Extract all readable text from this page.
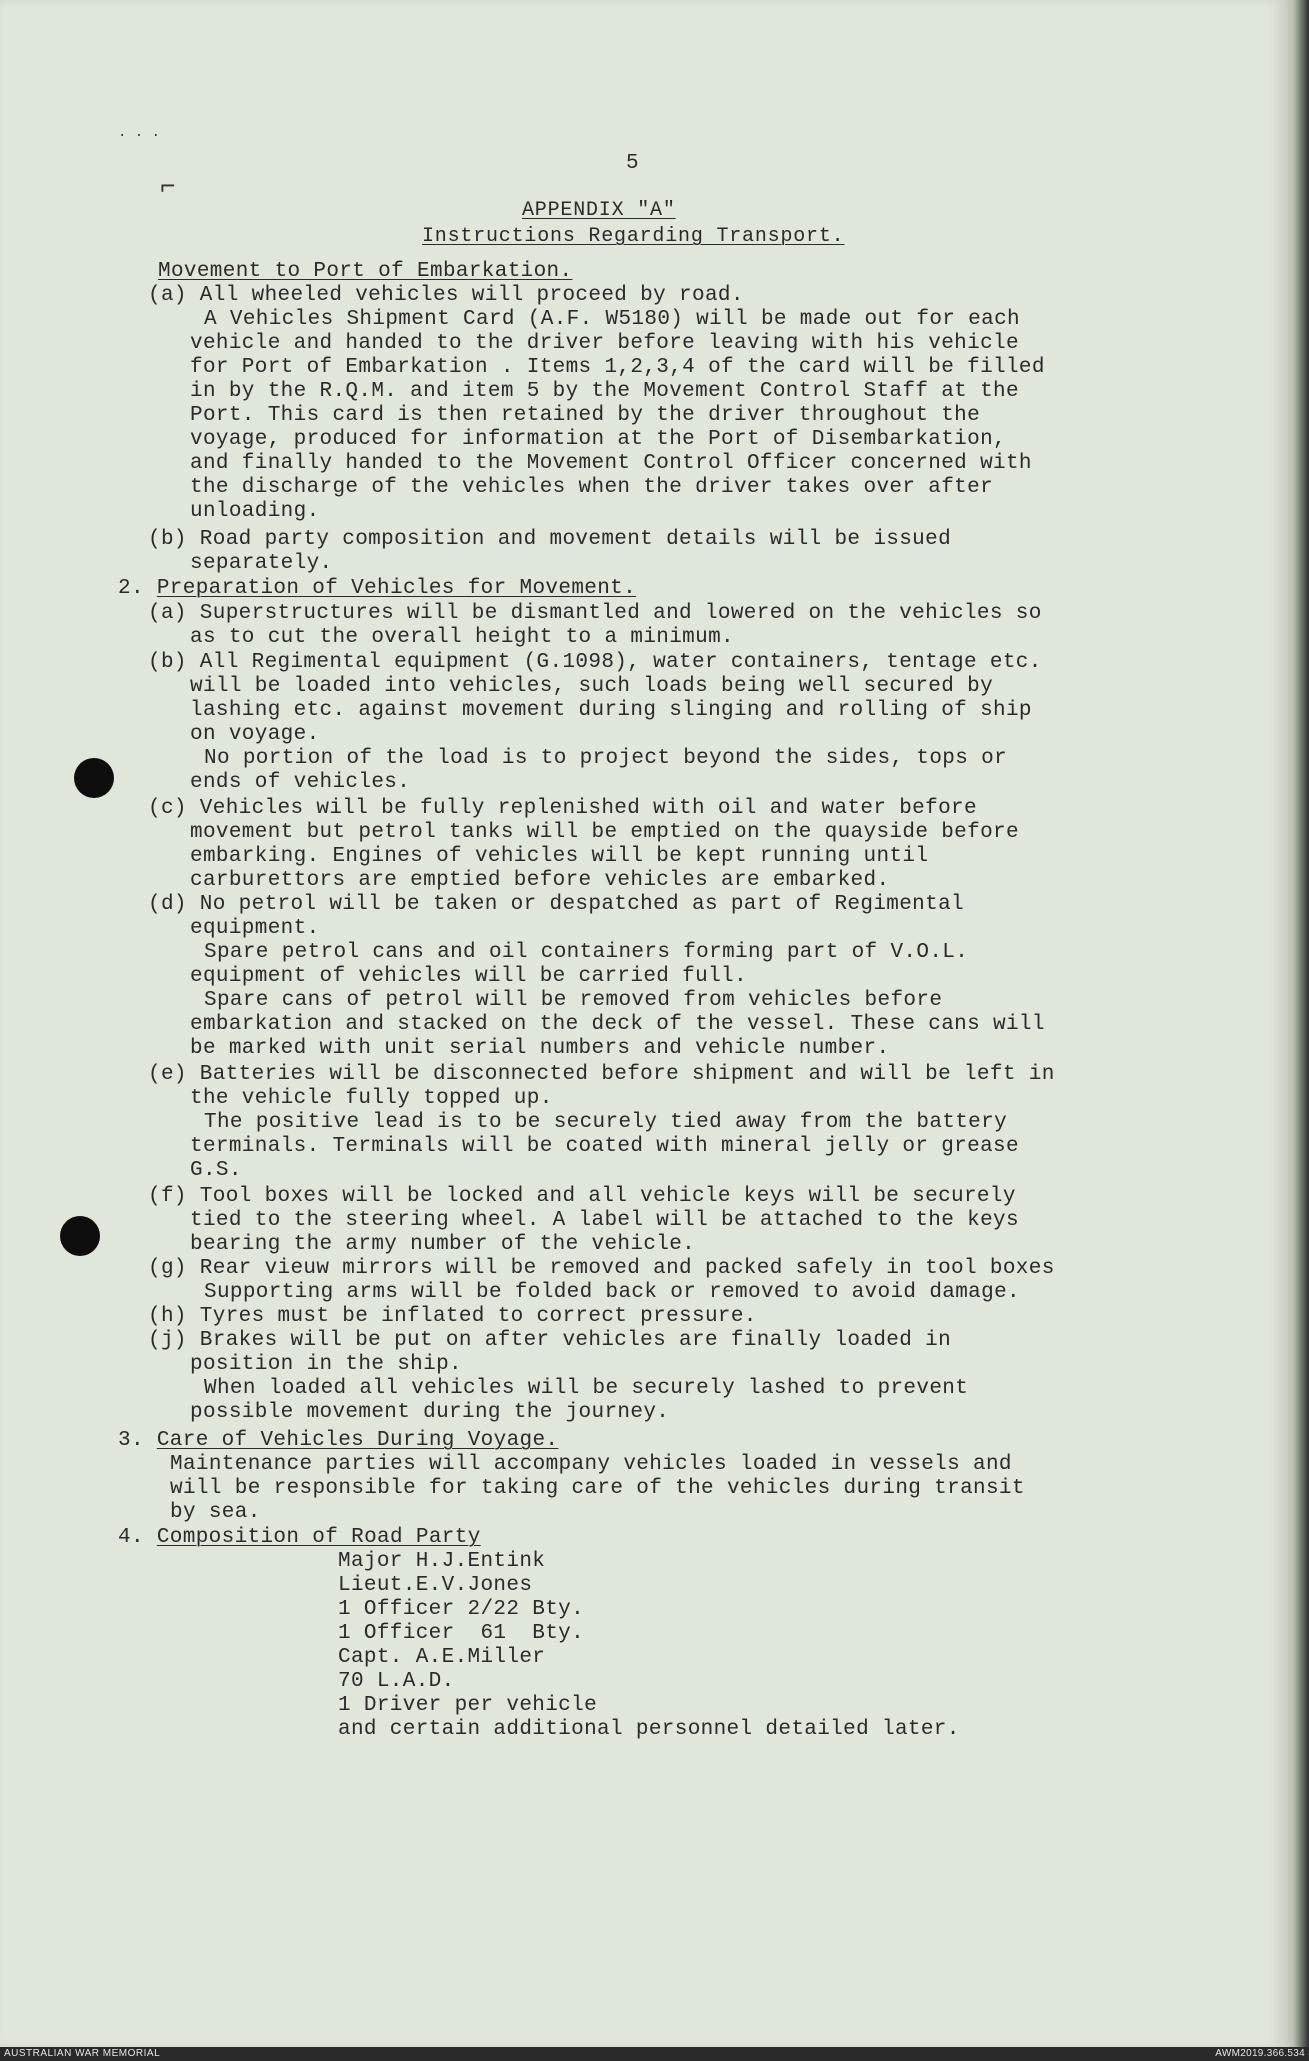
· · ·
⌐
5
APPENDIX "A"
Instructions Regarding Transport.
Movement to Port of Embarkation.
(a) All wheeled vehicles will proceed by road.
A Vehicles Shipment Card (A.F. W5180) will be made out for each
vehicle and handed to the driver before leaving with his vehicle
for Port of Embarkation . Items 1,2,3,4 of the card will be filled
in by the R.Q.M. and item 5 by the Movement Control Staff at the
Port. This card is then retained by the driver throughout the
voyage, produced for information at the Port of Disembarkation,
and finally handed to the Movement Control Officer concerned with
the discharge of the vehicles when the driver takes over after
unloading.
(b) Road party composition and movement details will be issued
separately.
2. Preparation of Vehicles for Movement.
(a) Superstructures will be dismantled and lowered on the vehicles so
as to cut the overall height to a minimum.
(b) All Regimental equipment (G.1098), water containers, tentage etc.
will be loaded into vehicles, such loads being well secured by
lashing etc. against movement during slinging and rolling of ship
on voyage.
No portion of the load is to project beyond the sides, tops or
ends of vehicles.
(c) Vehicles will be fully replenished with oil and water before
movement but petrol tanks will be emptied on the quayside before
embarking. Engines of vehicles will be kept running until
carburettors are emptied before vehicles are embarked.
(d) No petrol will be taken or despatched as part of Regimental
equipment.
Spare petrol cans and oil containers forming part of V.O.L.
equipment of vehicles will be carried full.
Spare cans of petrol will be removed from vehicles before
embarkation and stacked on the deck of the vessel. These cans will
be marked with unit serial numbers and vehicle number.
(e) Batteries will be disconnected before shipment and will be left in
the vehicle fully topped up.
The positive lead is to be securely tied away from the battery
terminals. Terminals will be coated with mineral jelly or grease
G.S.
(f) Tool boxes will be locked and all vehicle keys will be securely
tied to the steering wheel. A label will be attached to the keys
bearing the army number of the vehicle.
(g) Rear vieuw mirrors will be removed and packed safely in tool boxes
Supporting arms will be folded back or removed to avoid damage.
(h) Tyres must be inflated to correct pressure.
(j) Brakes will be put on after vehicles are finally loaded in
position in the ship.
When loaded all vehicles will be securely lashed to prevent
possible movement during the journey.
3. Care of Vehicles During Voyage.
Maintenance parties will accompany vehicles loaded in vessels and
will be responsible for taking care of the vehicles during transit
by sea.
4. Composition of Road Party
Major H.J.Entink
Lieut.E.V.Jones
1 Officer 2/22 Bty.
1 Officer  61  Bty.
Capt. A.E.Miller
70 L.A.D.
1 Driver per vehicle
and certain additional personnel detailed later.
AUSTRALIAN WAR MEMORIAL	AWM2019.366.534
